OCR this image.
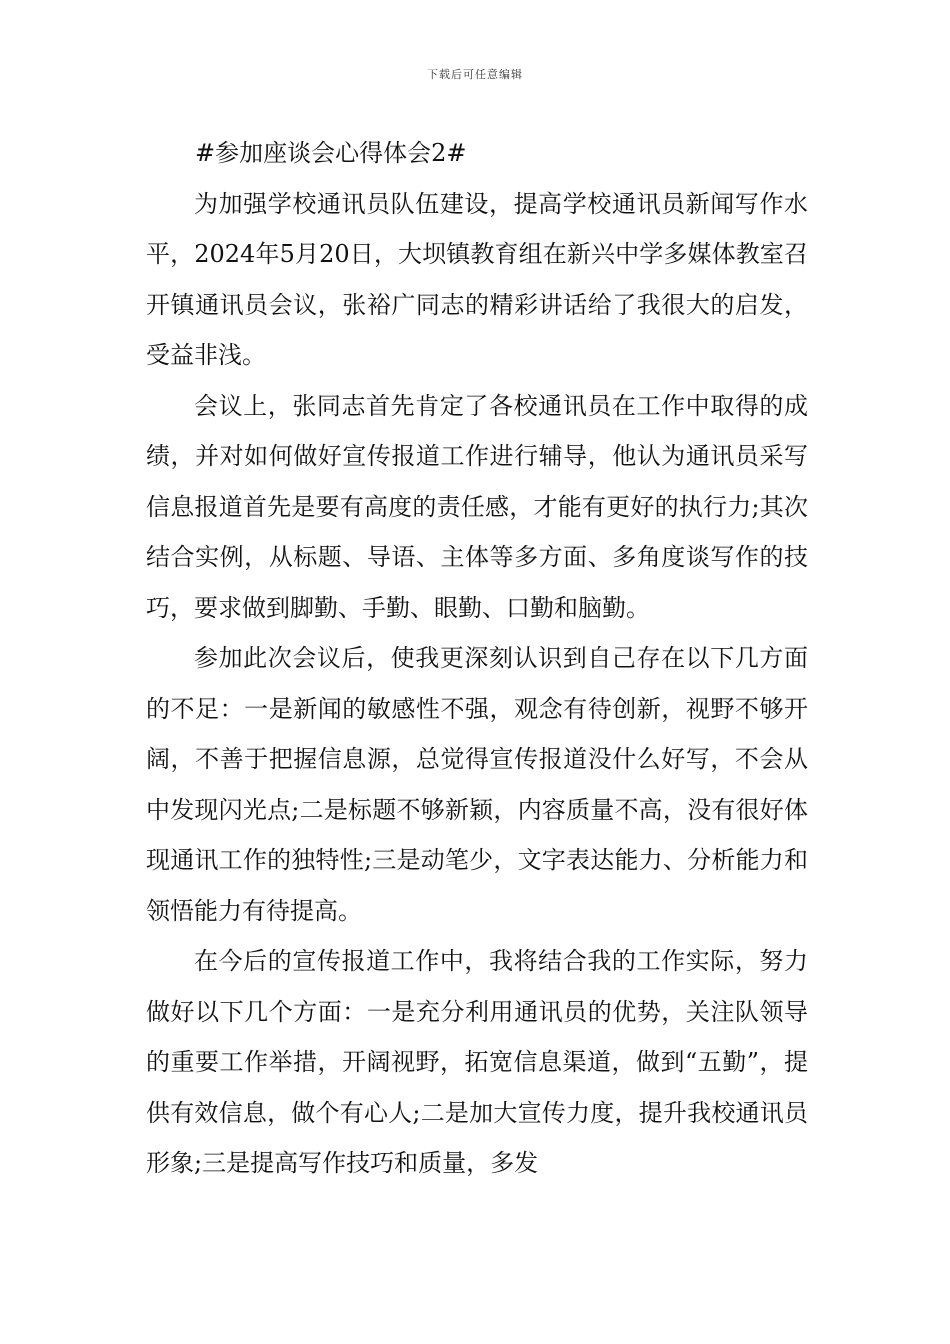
下载后可任意编辑
#参加座谈会心得体会2#

为加强学校通讯员队伍建设，提高学校通讯员新闻写作水平，2024年5月20日，大坝镇教育组在新兴中学多媒体教室召开镇通讯员会议，张裕广同志的精彩讲话给了我很大的启发，受益非浅。

会议上，张同志首先肯定了各校通讯员在工作中取得的成绩，并对如何做好宣传报道工作进行辅导，他认为通讯员采写信息报道首先是要有高度的责任感，才能有更好的执行力;其次结合实例，从标题、导语、主体等多方面、多角度谈写作的技巧，要求做到脚勤、手勤、眼勤、口勤和脑勤。

参加此次会议后，使我更深刻认识到自己存在以下几方面的不足：一是新闻的敏感性不强，观念有待创新，视野不够开阔，不善于把握信息源，总觉得宣传报道没什么好写，不会从中发现闪光点;二是标题不够新颖，内容质量不高，没有很好体现通讯工作的独特性;三是动笔少，文字表达能力、分析能力和领悟能力有待提高。

在今后的宣传报道工作中，我将结合我的工作实际，努力做好以下几个方面：一是充分利用通讯员的优势，关注队领导的重要工作举措，开阔视野，拓宽信息渠道，做到“五勤”，提供有效信息，做个有心人;二是加大宣传力度，提升我校通讯员形象;三是提高写作技巧和质量，多发
